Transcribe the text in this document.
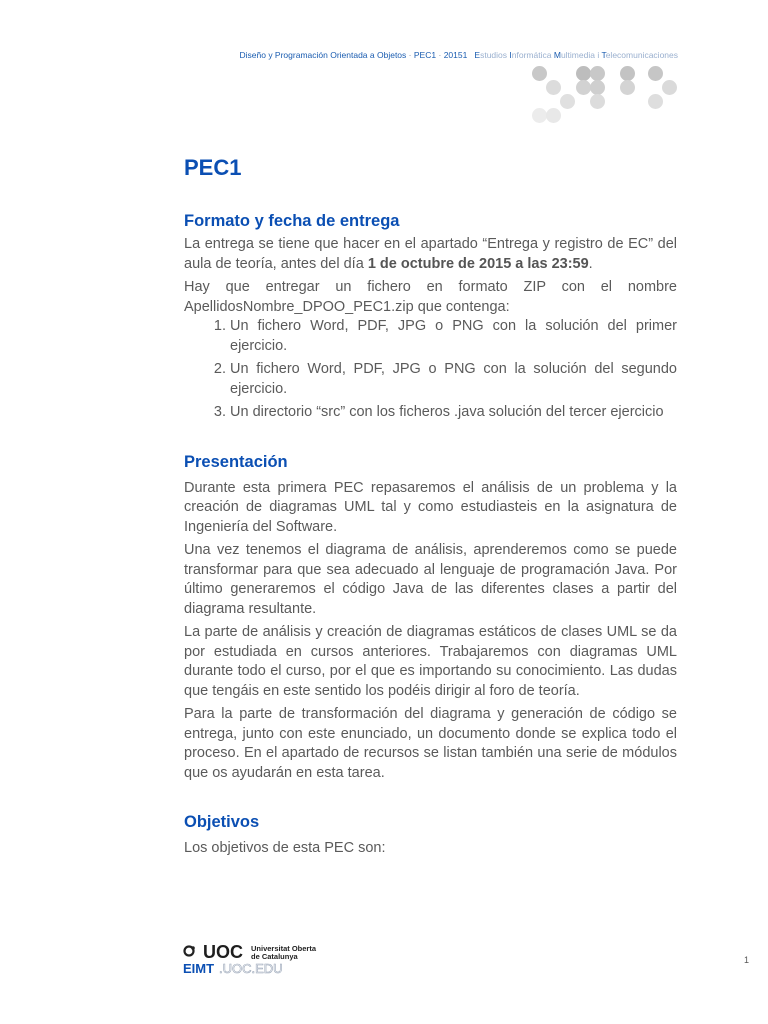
Diseño y Programación Orientada a Objetos · PEC1 · 20151 Estudios Informática Multimedia i Telecomunicaciones
PEC1
Formato y fecha de entrega

La entrega se tiene que hacer en el apartado “Entrega y registro de EC” del aula de teoría, antes del día 1 de octubre de 2015 a las 23:59.

Hay que entregar un fichero en formato ZIP con el nombre ApellidosNombre_DPOO_PEC1.zip que contenga:

1. Un fichero Word, PDF, JPG o PNG con la solución del primer ejercicio.
2. Un fichero Word, PDF, JPG o PNG con la solución del segundo ejercicio.
3. Un directorio “src” con los ficheros .java solución del tercer ejercicio
Presentación

Durante esta primera PEC repasaremos el análisis de un problema y la creación de diagramas UML tal y como estudiasteis en la asignatura de Ingeniería del Software.

Una vez tenemos el diagrama de análisis, aprenderemos como se puede transformar para que sea adecuado al lenguaje de programación Java. Por último generaremos el código Java de las diferentes clases a partir del diagrama resultante.

La parte de análisis y creación de diagramas estáticos de clases UML se da por estudiada en cursos anteriores. Trabajaremos con diagramas UML durante todo el curso, por el que es importando su conocimiento. Las dudas que tengáis en este sentido los podéis dirigir al foro de teoría.

Para la parte de transformación del diagrama y generación de código se entrega, junto con este enunciado, un documento donde se explica todo el proceso. En el apartado de recursos se listan también una serie de módulos que os ayudarán en esta tarea.

Objetivos

Los objetivos de esta PEC son:

UOC Universitat Oberta
de Catalunya
EIMT .UOC.EDU
1
